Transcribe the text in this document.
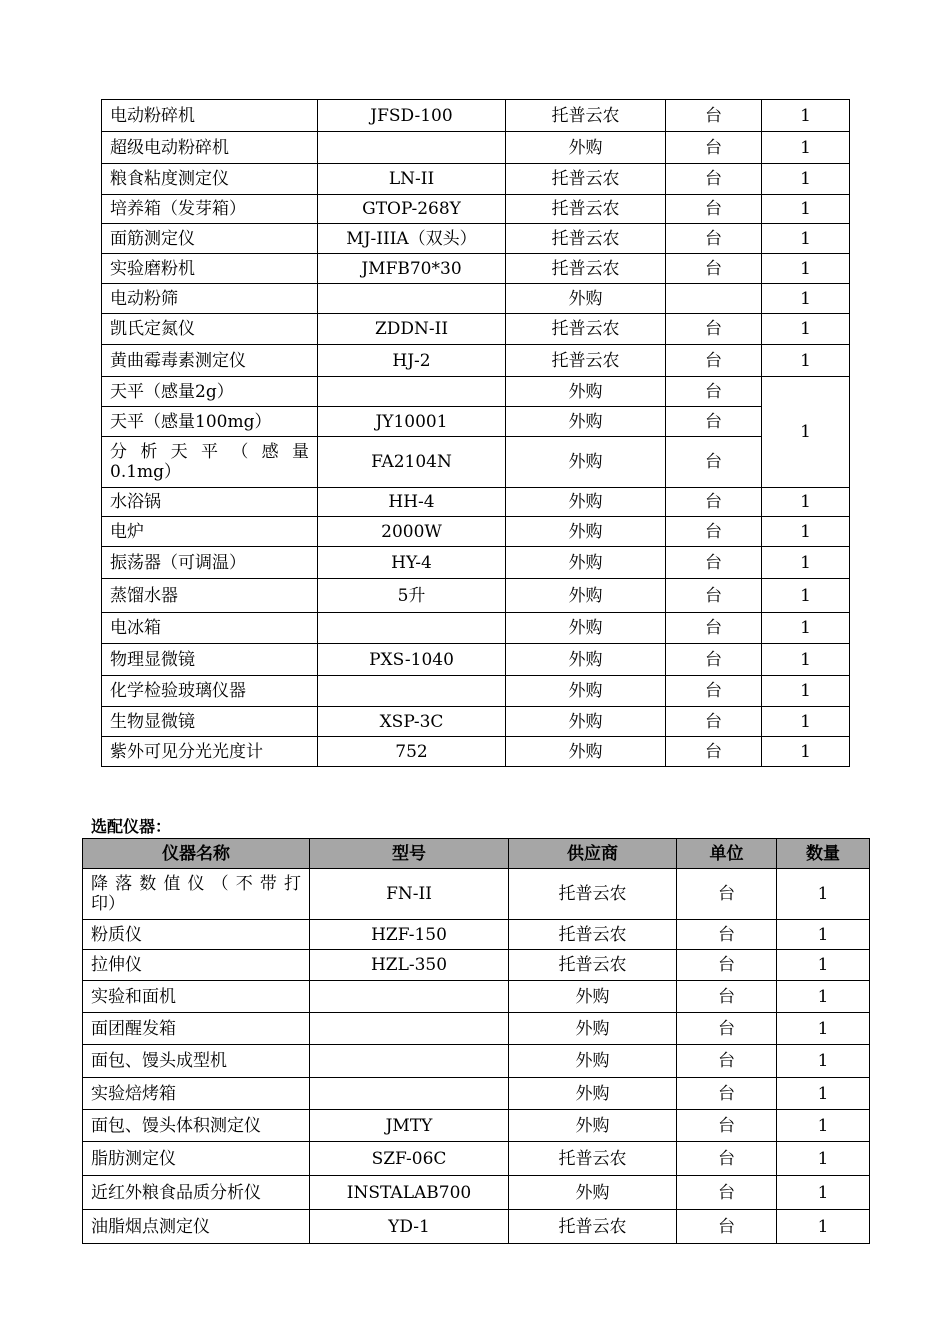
电动粉碎机	JFSD-100	托普云农	台	1
超级电动粉碎机		外购	台	1
粮食粘度测定仪	LN-II	托普云农	台	1
培养箱（发芽箱）	GTOP-268Y	托普云农	台	1
面筋测定仪	MJ-IIIA（双头）	托普云农	台	1
实验磨粉机	JMFB70*30	托普云农	台	1
电动粉筛		外购		1
凯氏定氮仪	ZDDN-II	托普云农	台	1
黄曲霉毒素测定仪	HJ-2	托普云农	台	1
天平（感量2g）		外购	台	1
天平（感量100mg）	JY10001	外购	台	

分 析 天 平 （ 感 量
0.1mg）	FA2104N	外购	台	
水浴锅	HH-4	外购	台	1
电炉	2000W	外购	台	1
振荡器（可调温）	HY-4	外购	台	1
蒸馏水器	5升	外购	台	1
电冰箱		外购	台	1
物理显微镜	PXS-1040	外购	台	1
化学检验玻璃仪器		外购	台	1
生物显微镜	XSP-3C	外购	台	1
紫外可见分光光度计	752	外购	台	1
选配仪器：
仪器名称	型号	供应商	单位	数量

降 落 数 值 仪 （ 不 带 打
印）	FN-II	托普云农	台	1
粉质仪	HZF-150	托普云农	台	1
拉伸仪	HZL-350	托普云农	台	1
实验和面机		外购	台	1
面团醒发箱		外购	台	1
面包、馒头成型机		外购	台	1
实验焙烤箱		外购	台	1
面包、馒头体积测定仪	JMTY	外购	台	1
脂肪测定仪	SZF-06C	托普云农	台	1
近红外粮食品质分析仪	INSTALAB700	外购	台	1
油脂烟点测定仪	YD-1	托普云农	台	1
